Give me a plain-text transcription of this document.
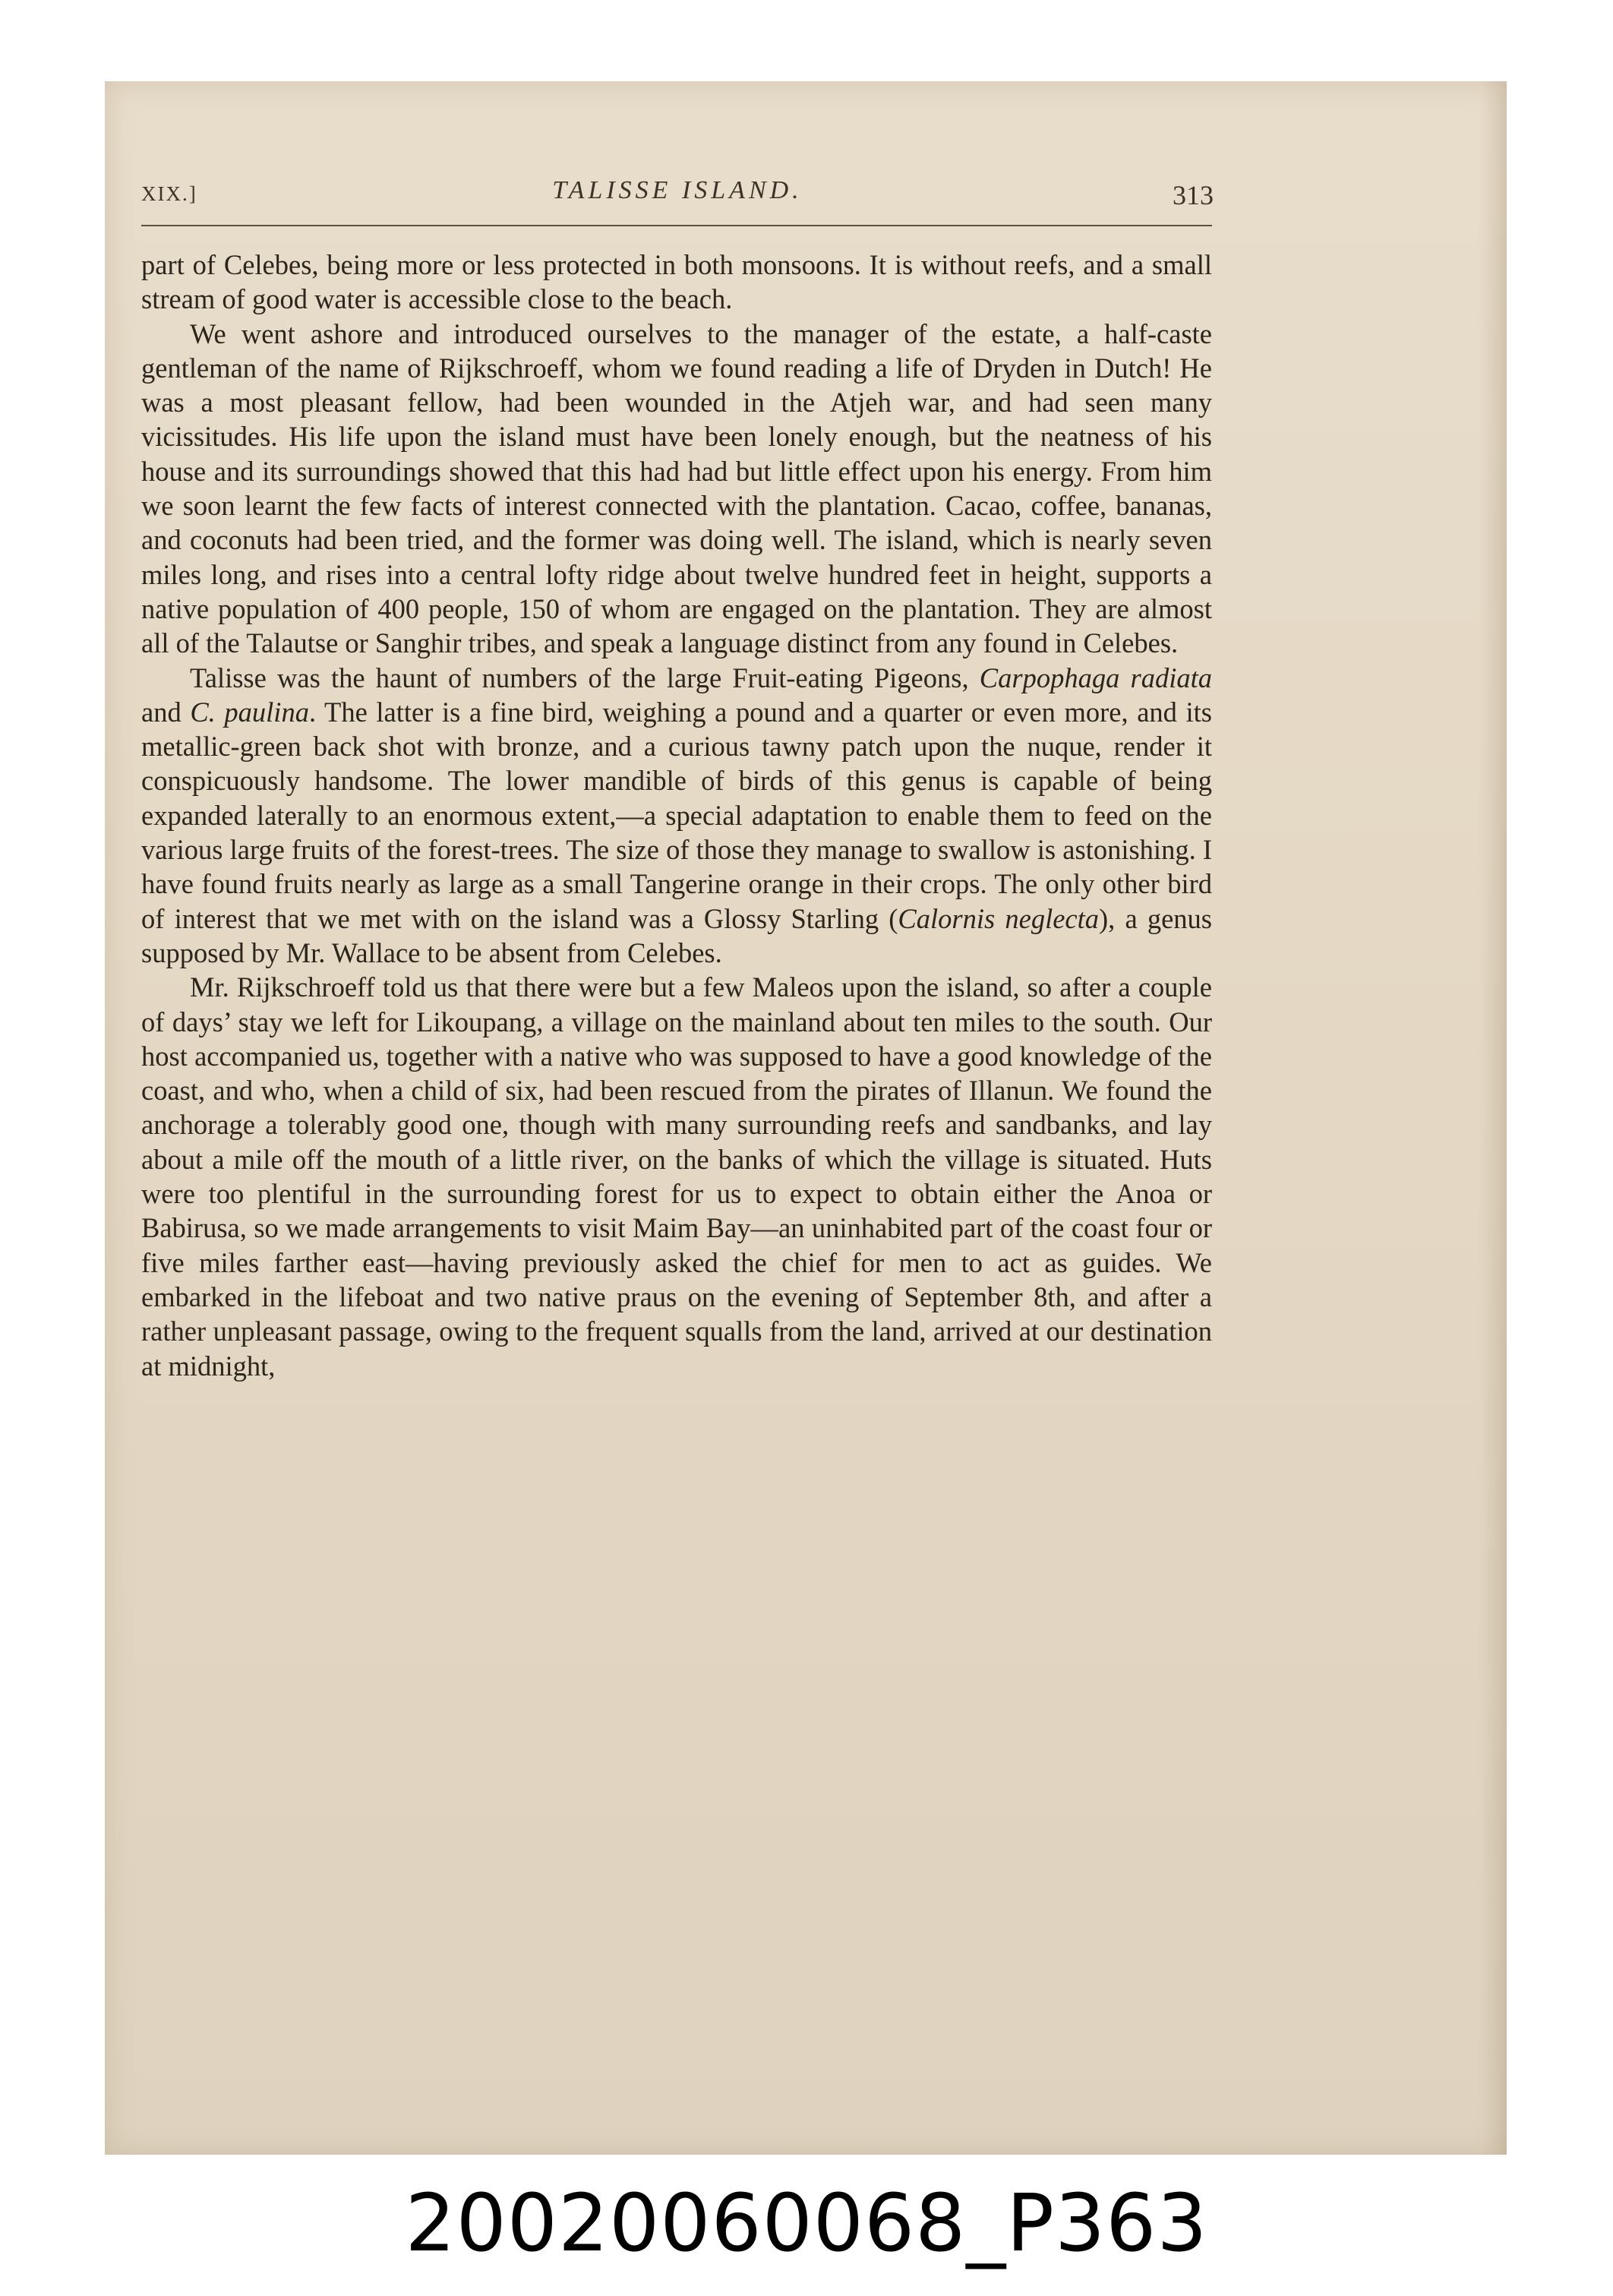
XIX.]	TALISSE ISLAND.	313

part of Celebes, being more or less protected in both monsoons. It is without reefs, and a small stream of good water is accessible close to the beach.

We went ashore and introduced ourselves to the manager of the estate, a half-caste gentleman of the name of Rijkschroeff, whom we found reading a life of Dryden in Dutch! He was a most pleasant fellow, had been wounded in the Atjeh war, and had seen many vicissitudes. His life upon the island must have been lonely enough, but the neatness of his house and its surroundings showed that this had had but little effect upon his energy. From him we soon learnt the few facts of interest connected with the plantation. Cacao, coffee, bananas, and coconuts had been tried, and the former was doing well. The island, which is nearly seven miles long, and rises into a central lofty ridge about twelve hundred feet in height, supports a native population of 400 people, 150 of whom are engaged on the plantation. They are almost all of the Talautse or Sanghir tribes, and speak a language distinct from any found in Celebes.

Talisse was the haunt of numbers of the large Fruit-eating Pigeons, Carpophaga radiata and C. paulina. The latter is a fine bird, weighing a pound and a quarter or even more, and its metallic-green back shot with bronze, and a curious tawny patch upon the nuque, render it conspicuously handsome. The lower mandible of birds of this genus is capable of being expanded laterally to an enormous extent,—a special adaptation to enable them to feed on the various large fruits of the forest-trees. The size of those they manage to swallow is astonishing. I have found fruits nearly as large as a small Tangerine orange in their crops. The only other bird of interest that we met with on the island was a Glossy Starling (Calornis neglecta), a genus supposed by Mr. Wallace to be absent from Celebes.

Mr. Rijkschroeff told us that there were but a few Maleos upon the island, so after a couple of days’ stay we left for Likoupang, a village on the mainland about ten miles to the south. Our host accompanied us, together with a native who was supposed to have a good knowledge of the coast, and who, when a child of six, had been rescued from the pirates of Illanun. We found the anchorage a tolerably good one, though with many surrounding reefs and sandbanks, and lay about a mile off the mouth of a little river, on the banks of which the village is situated. Huts were too plentiful in the surrounding forest for us to expect to obtain either the Anoa or Babirusa, so we made arrangements to visit Maim Bay—an uninhabited part of the coast four or five miles farther east—having previously asked the chief for men to act as guides. We embarked in the lifeboat and two native praus on the evening of September 8th, and after a rather unpleasant passage, owing to the frequent squalls from the land, arrived at our destination at midnight,

20020060068_P363
